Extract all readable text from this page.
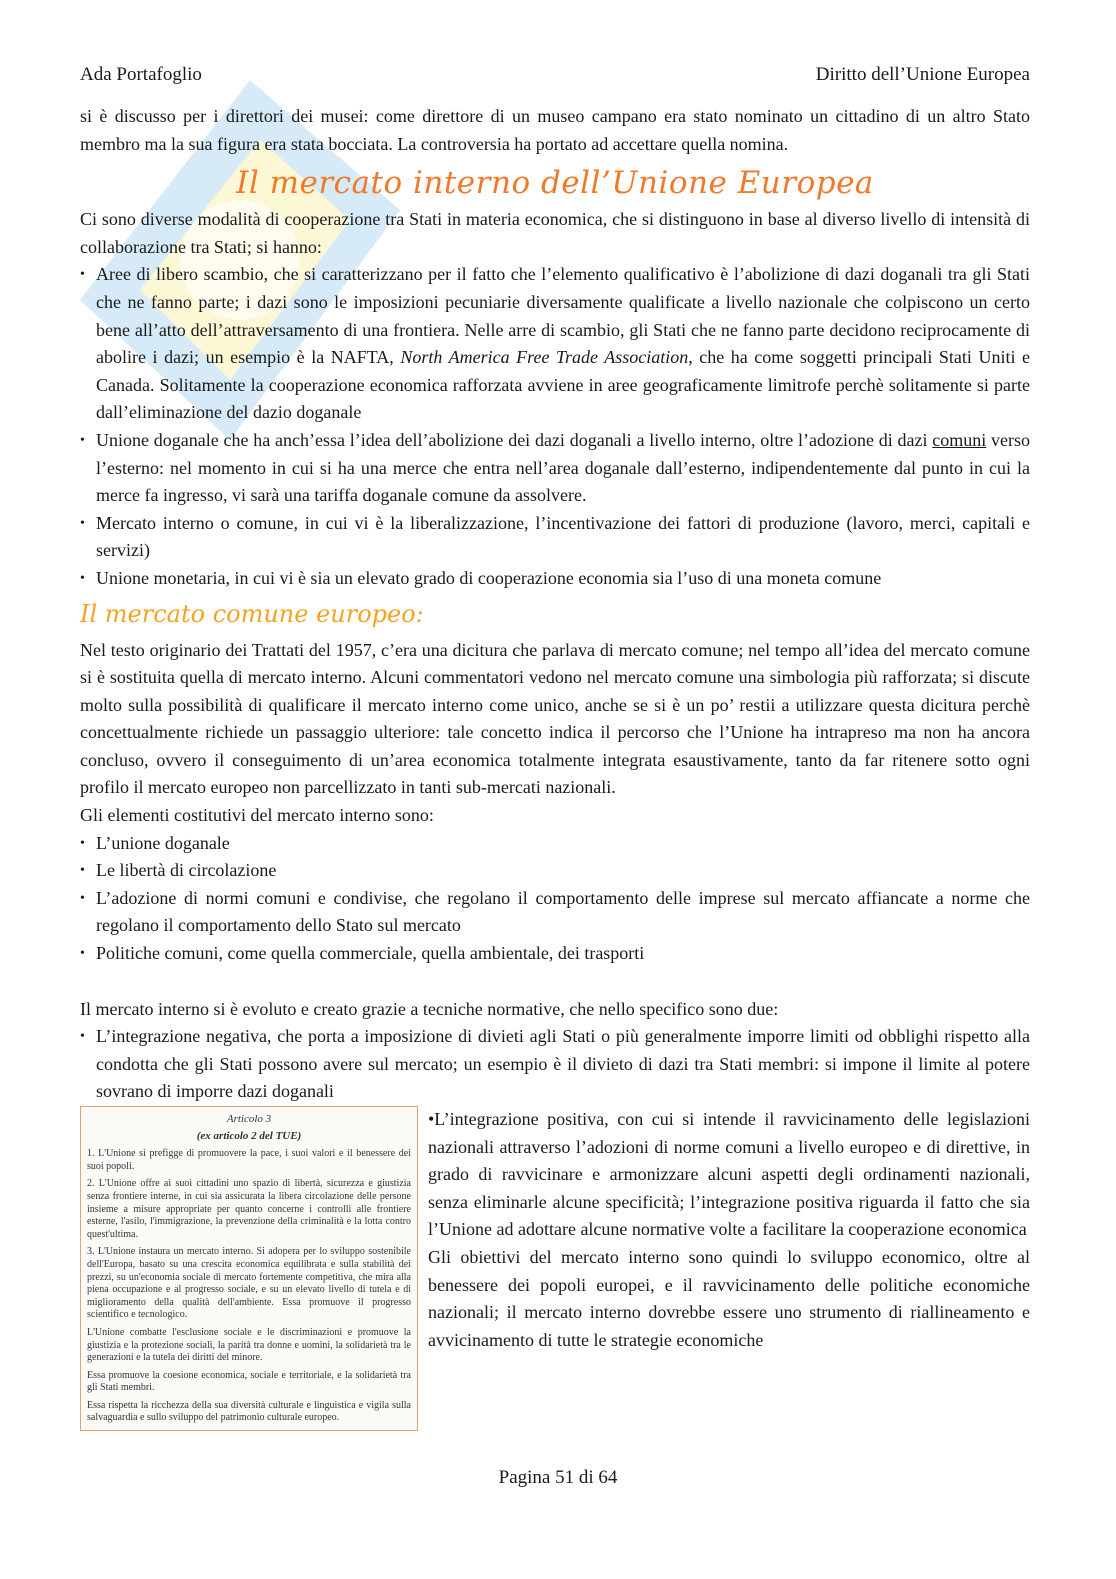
Ada Portafoglio	Diritto dell’Unione Europea

si è discusso per i direttori dei musei: come direttore di un museo campano era stato nominato un cittadino di un altro Stato membro ma la sua figura era stata bocciata. La controversia ha portato ad accettare quella nomina.

Il mercato interno dell’Unione Europea

Ci sono diverse modalità di cooperazione tra Stati in materia economica, che si distinguono in base al diverso livello di intensità di collaborazione tra Stati; si hanno:

• Aree di libero scambio, che si caratterizzano per il fatto che l’elemento qualificativo è l’abolizione di dazi doganali tra gli Stati che ne fanno parte; i dazi sono le imposizioni pecuniarie diversamente qualificate a livello nazionale che colpiscono un certo bene all’atto dell’attraversamento di una frontiera. Nelle arre di scambio, gli Stati che ne fanno parte decidono reciprocamente di abolire i dazi; un esempio è la NAFTA, North America Free Trade Association, che ha come soggetti principali Stati Uniti e Canada. Solitamente la cooperazione economica rafforzata avviene in aree geograficamente limitrofe perchè solitamente si parte dall’eliminazione del dazio doganale
• Unione doganale che ha anch’essa l’idea dell’abolizione dei dazi doganali a livello interno, oltre l’adozione di dazi comuni verso l’esterno: nel momento in cui si ha una merce che entra nell’area doganale dall’esterno, indipendentemente dal punto in cui la merce fa ingresso, vi sarà una tariffa doganale comune da assolvere.
• Mercato interno o comune, in cui vi è la liberalizzazione, l’incentivazione dei fattori di produzione (lavoro, merci, capitali e servizi)
• Unione monetaria, in cui vi è sia un elevato grado di cooperazione economia sia l’uso di una moneta comune
Il mercato comune europeo:

Nel testo originario dei Trattati del 1957, c’era una dicitura che parlava di mercato comune; nel tempo all’idea del mercato comune si è sostituita quella di mercato interno. Alcuni commentatori vedono nel mercato comune una simbologia più rafforzata; si discute molto sulla possibilità di qualificare il mercato interno come unico, anche se si è un po’ restii a utilizzare questa dicitura perchè concettualmente richiede un passaggio ulteriore: tale concetto indica il percorso che l’Unione ha intrapreso ma non ha ancora concluso, ovvero il conseguimento di un’area economica totalmente integrata esaustivamente, tanto da far ritenere sotto ogni profilo il mercato europeo non parcellizzato in tanti sub-mercati nazionali.

Gli elementi costitutivi del mercato interno sono:

• L’unione doganale
• Le libertà di circolazione
• L’adozione di normi comuni e condivise, che regolano il comportamento delle imprese sul mercato affiancate a norme che regolano il comportamento dello Stato sul mercato
• Politiche comuni, come quella commerciale, quella ambientale, dei trasporti

Il mercato interno si è evoluto e creato grazie a tecniche normative, che nello specifico sono due:

• L’integrazione negativa, che porta a imposizione di divieti agli Stati o più generalmente imporre limiti od obblighi rispetto alla condotta che gli Stati possono avere sul mercato; un esempio è il divieto di dazi tra Stati membri: si impone il limite al potere sovrano di imporre dazi doganali
Articolo 3
(ex articolo 2 del TUE)

1. L'Unione si prefigge di promuovere la pace, i suoi valori e il benessere dei suoi popoli.

2. L'Unione offre ai suoi cittadini uno spazio di libertà, sicurezza e giustizia senza frontiere interne, in cui sia assicurata la libera circolazione delle persone insieme a misure appropriate per quanto concerne i controlli alle frontiere esterne, l'asilo, l'immigrazione, la prevenzione della criminalità e la lotta contro quest'ultima.

3. L'Unione instaura un mercato interno. Si adopera per lo sviluppo sostenibile dell'Europa, basato su una crescita economica equilibrata e sulla stabilità dei prezzi, su un'economia sociale di mercato fortemente competitiva, che mira alla piena occupazione e al progresso sociale, e su un elevato livello di tutela e di miglioramento della qualità dell'ambiente. Essa promuove il progresso scientifico e tecnologico.

L'Unione combatte l'esclusione sociale e le discriminazioni e promuove la giustizia e la protezione sociali, la parità tra donne e uomini, la solidarietà tra le generazioni e la tutela dei diritti del minore.

Essa promuove la coesione economica, sociale e territoriale, e la solidarietà tra gli Stati membri.

Essa rispetta la ricchezza della sua diversità culturale e linguistica e vigila sulla salvaguardia e sullo sviluppo del patrimonio culturale europeo.

•L’integrazione positiva, con cui si intende il ravvicinamento delle legislazioni nazionali attraverso l’adozioni di norme comuni a livello europeo e di direttive, in grado di ravvicinare e armonizzare alcuni aspetti degli ordinamenti nazionali, senza eliminarle alcune specificità; l’integrazione positiva riguarda il fatto che sia l’Unione ad adottare alcune normative volte a facilitare la cooperazione economica

Gli obiettivi del mercato interno sono quindi lo sviluppo economico, oltre al benessere dei popoli europei, e il ravvicinamento delle politiche economiche nazionali; il mercato interno dovrebbe essere uno strumento di riallineamento e avvicinamento di tutte le strategie economiche

Pagina 51 di 64
